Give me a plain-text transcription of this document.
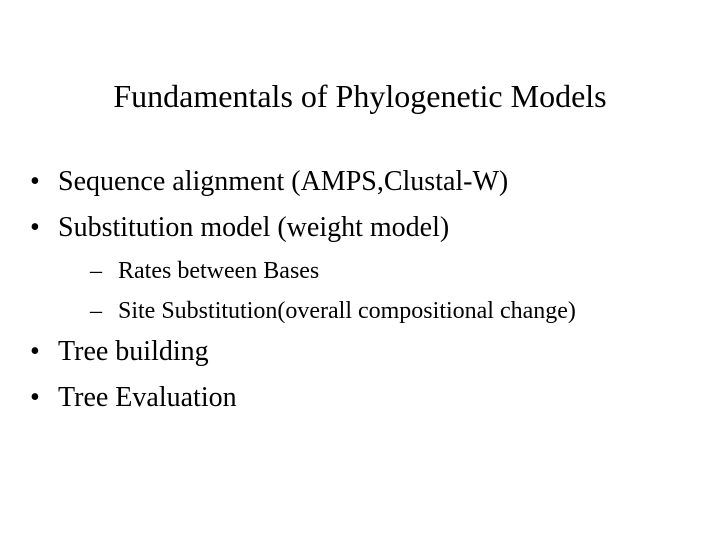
Fundamentals of Phylogenetic Models
• Sequence alignment (AMPS,Clustal-W)
• Substitution model (weight model)
– Rates between Bases
– Site Substitution(overall compositional change)
• Tree building
• Tree Evaluation
